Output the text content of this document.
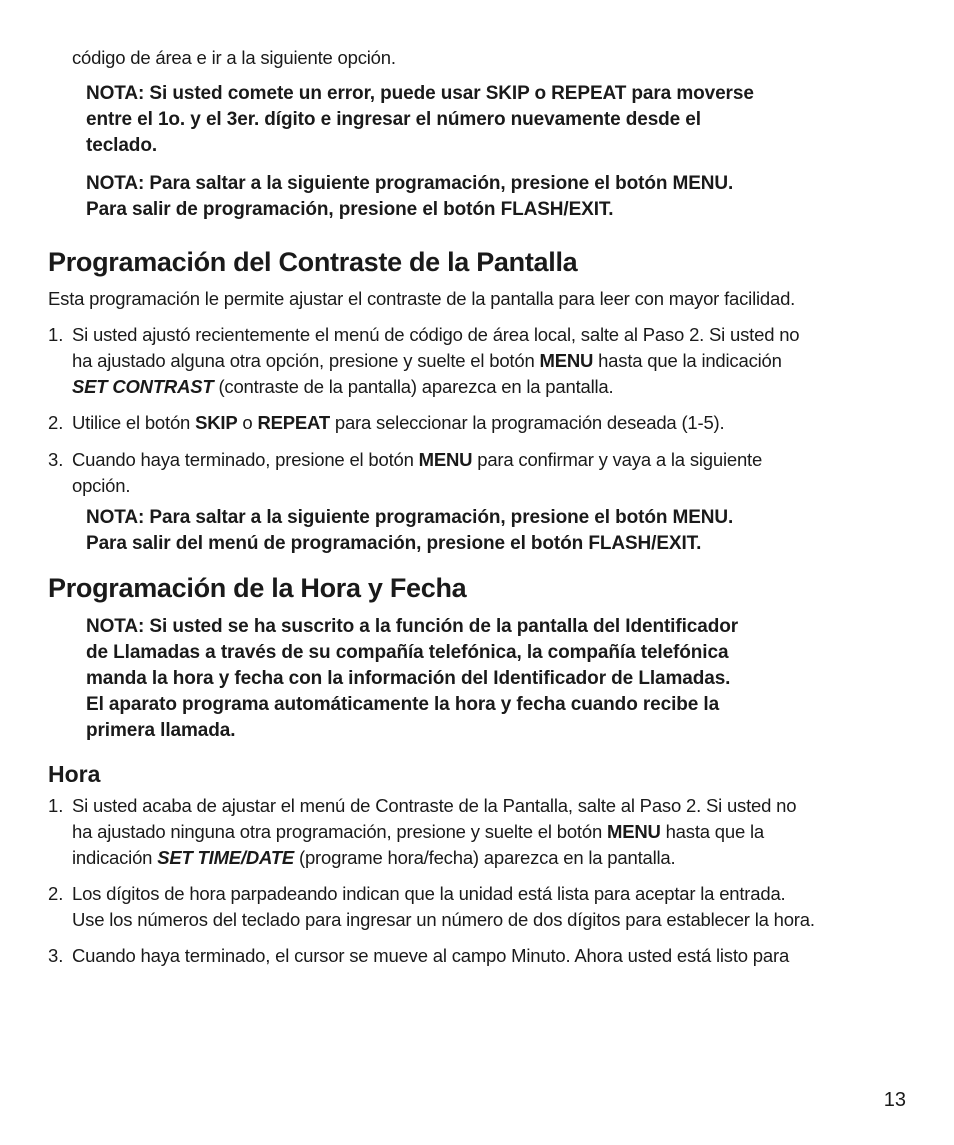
código de área e ir a la siguiente opción.
NOTA: Si usted comete un error, puede usar SKIP o REPEAT para moverse
entre el 1o. y el 3er. dígito e ingresar el número nuevamente desde el
teclado.
NOTA: Para saltar a la siguiente programación, presione el botón MENU.
Para salir de programación, presione el botón FLASH/EXIT.
Programación del Contraste de la Pantalla
Esta programación le permite ajustar el contraste de la pantalla para leer con mayor facilidad.
1. Si usted ajustó recientemente el menú de código de área local, salte al Paso 2. Si usted no
ha ajustado alguna otra opción, presione y suelte el botón MENU hasta que la indicación
SET CONTRAST (contraste de la pantalla) aparezca en la pantalla.
2. Utilice el botón SKIP o REPEAT para seleccionar la programación deseada (1-5).
3. Cuando haya terminado, presione el botón MENU para confirmar y vaya a la siguiente
opción.
NOTA: Para saltar a la siguiente programación, presione el botón MENU.
Para salir del menú de programación, presione el botón FLASH/EXIT.
Programación de la Hora y Fecha
NOTA: Si usted se ha suscrito a la función de la pantalla del Identificador
de Llamadas a través de su compañía telefónica, la compañía telefónica
manda la hora y fecha con la información del Identificador de Llamadas.
El aparato programa automáticamente la hora y fecha cuando recibe la
primera llamada.
Hora
1. Si usted acaba de ajustar el menú de Contraste de la Pantalla, salte al Paso 2. Si usted no
ha ajustado ninguna otra programación, presione y suelte el botón MENU hasta que la
indicación SET TIME/DATE (programe hora/fecha) aparezca en la pantalla.
2. Los dígitos de hora parpadeando indican que la unidad está lista para aceptar la entrada.
Use los números del teclado para ingresar un número de dos dígitos para establecer la hora.
3. Cuando haya terminado, el cursor se mueve al campo Minuto. Ahora usted está listo para
13
